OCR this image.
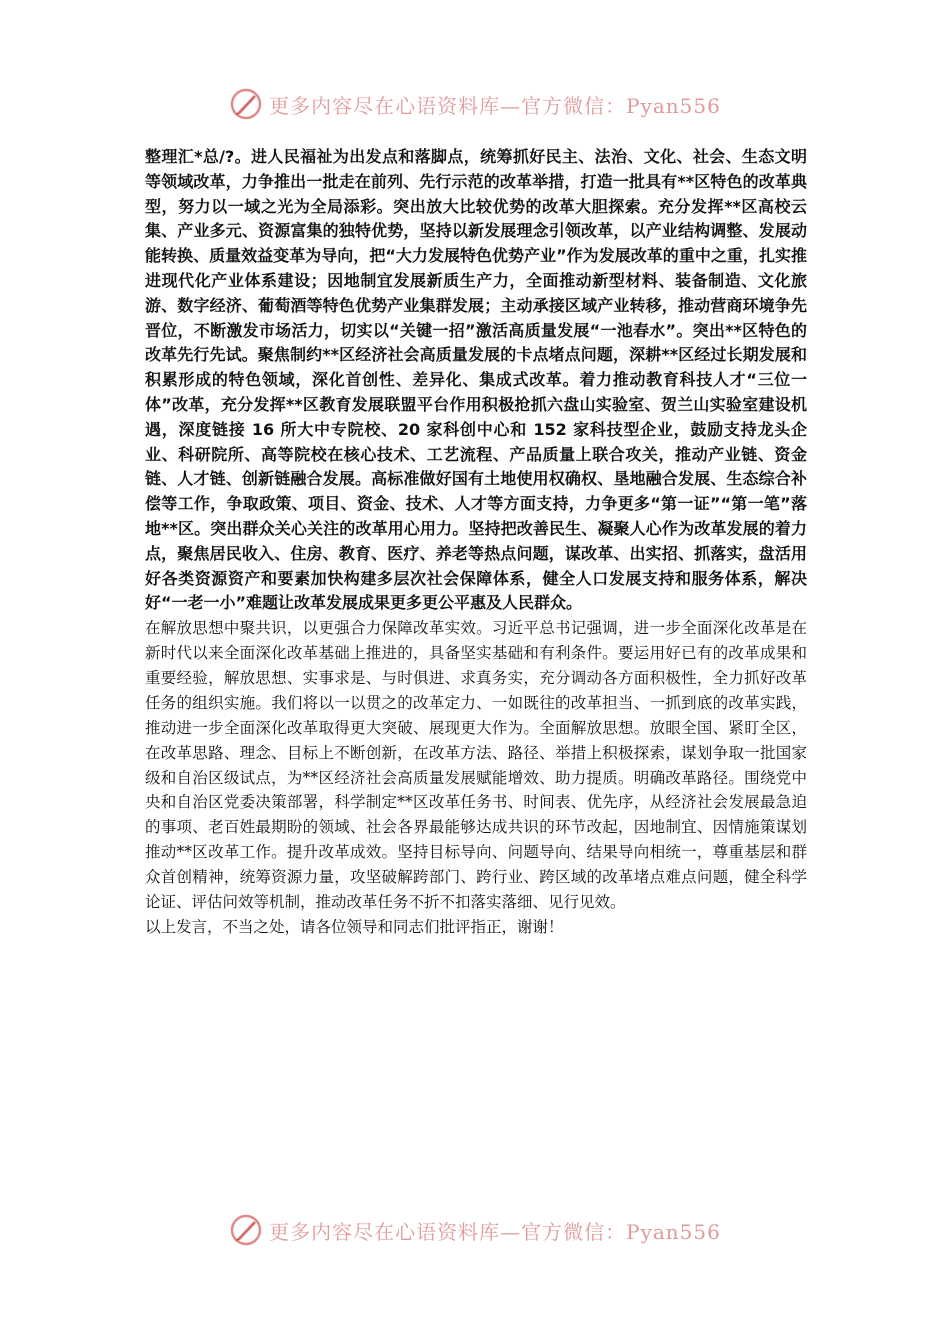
更多内容尽在心语资料库—官方微信：Pyan556

整理汇*总/?。进人民福祉为出发点和落脚点，统筹抓好民主、法治、文化、社会、生态文明等领域改革，力争推出一批走在前列、先行示范的改革举措，打造一批具有**区特色的改革典型，努力以一域之光为全局添彩。突出放大比较优势的改革大胆探索。充分发挥**区高校云集、产业多元、资源富集的独特优势，坚持以新发展理念引领改革，以产业结构调整、发展动能转换、质量效益变革为导向，把“大力发展特色优势产业”作为发展改革的重中之重，扎实推进现代化产业体系建设；因地制宜发展新质生产力，全面推动新型材料、装备制造、文化旅游、数字经济、葡萄酒等特色优势产业集群发展；主动承接区域产业转移，推动营商环境争先晋位，不断激发市场活力，切实以“关键一招”激活高质量发展“一池春水”。突出**区特色的改革先行先试。聚焦制约**区经济社会高质量发展的卡点堵点问题，深耕**区经过长期发展和积累形成的特色领域，深化首创性、差异化、集成式改革。着力推动教育科技人才“三位一体”改革，充分发挥**区教育发展联盟平台作用积极抢抓六盘山实验室、贺兰山实验室建设机遇，深度链接 16 所大中专院校、20 家科创中心和 152 家科技型企业，鼓励支持龙头企业、科研院所、高等院校在核心技术、工艺流程、产品质量上联合攻关，推动产业链、资金链、人才链、创新链融合发展。高标准做好国有土地使用权确权、垦地融合发展、生态综合补偿等工作，争取政策、项目、资金、技术、人才等方面支持，力争更多“第一证”“第一笔”落地**区。突出群众关心关注的改革用心用力。坚持把改善民生、凝聚人心作为改革发展的着力点，聚焦居民收入、住房、教育、医疗、养老等热点问题，谋改革、出实招、抓落实，盘活用好各类资源资产和要素加快构建多层次社会保障体系，健全人口发展支持和服务体系，解决好“一老一小”难题让改革发展成果更多更公平惠及人民群众。

在解放思想中聚共识，以更强合力保障改革实效。习近平总书记强调，进一步全面深化改革是在新时代以来全面深化改革基础上推进的，具备坚实基础和有利条件。要运用好已有的改革成果和重要经验，解放思想、实事求是、与时俱进、求真务实，充分调动各方面积极性，全力抓好改革任务的组织实施。我们将以一以贯之的改革定力、一如既往的改革担当、一抓到底的改革实践，推动进一步全面深化改革取得更大突破、展现更大作为。全面解放思想。放眼全国、紧盯全区，在改革思路、理念、目标上不断创新，在改革方法、路径、举措上积极探索，谋划争取一批国家级和自治区级试点，为**区经济社会高质量发展赋能增效、助力提质。明确改革路径。围绕党中央和自治区党委决策部署，科学制定**区改革任务书、时间表、优先序，从经济社会发展最急迫的事项、老百姓最期盼的领域、社会各界最能够达成共识的环节改起，因地制宜、因情施策谋划推动**区改革工作。提升改革成效。坚持目标导向、问题导向、结果导向相统一，尊重基层和群众首创精神，统筹资源力量，攻坚破解跨部门、跨行业、跨区域的改革堵点难点问题，健全科学论证、评估问效等机制，推动改革任务不折不扣落实落细、见行见效。

以上发言，不当之处，请各位领导和同志们批评指正，谢谢！

更多内容尽在心语资料库—官方微信：Pyan556
